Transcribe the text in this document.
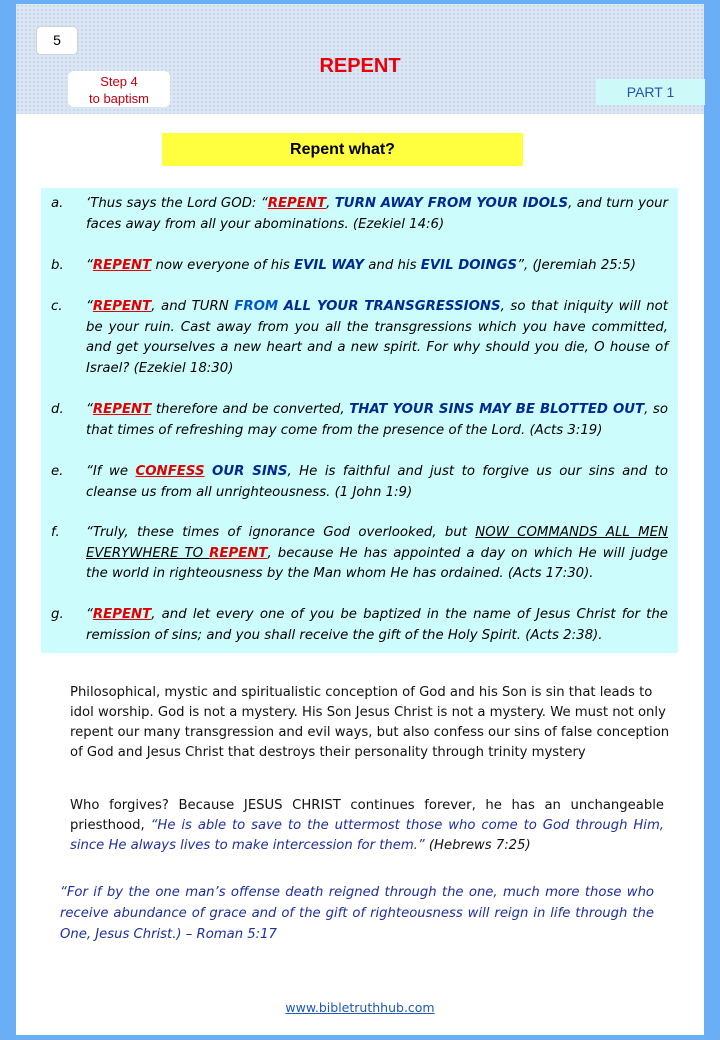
5
Step 4
to baptism	PART 1
REPENT
Repent what?
a. ‘Thus says the Lord GOD: “REPENT, TURN AWAY FROM YOUR IDOLS, and turn your faces away from all your abominations. (Ezekiel 14:6)
b. “REPENT now everyone of his EVIL WAY and his EVIL DOINGS”, (Jeremiah 25:5)
c. “REPENT, and TURN FROM ALL YOUR TRANSGRESSIONS, so that iniquity will not be your ruin. Cast away from you all the transgressions which you have committed, and get yourselves a new heart and a new spirit. For why should you die, O house of Israel? (Ezekiel 18:30)
d. “REPENT therefore and be converted, THAT YOUR SINS MAY BE BLOTTED OUT, so that times of refreshing may come from the presence of the Lord. (Acts 3:19)
e. “If we CONFESS OUR SINS, He is faithful and just to forgive us our sins and to cleanse us from all unrighteousness. (1 John 1:9)
f. “Truly, these times of ignorance God overlooked, but NOW COMMANDS ALL MEN EVERYWHERE TO REPENT, because He has appointed a day on which He will judge the world in righteousness by the Man whom He has ordained. (Acts 17:30).
g. “REPENT, and let every one of you be baptized in the name of Jesus Christ for the remission of sins; and you shall receive the gift of the Holy Spirit. (Acts 2:38).
Philosophical, mystic and spiritualistic conception of God and his Son is sin that leads to idol worship. God is not a mystery. His Son Jesus Christ is not a mystery. We must not only repent our many transgression and evil ways, but also confess our sins of false conception of God and Jesus Christ that destroys their personality through trinity mystery
Who forgives? Because JESUS CHRIST continues forever, he has an unchangeable priesthood, “He is able to save to the uttermost those who come to God through Him, since He always lives to make intercession for them.” (Hebrews 7:25)
“For if by the one man’s offense death reigned through the one, much more those who receive abundance of grace and of the gift of righteousness will reign in life through the One, Jesus Christ.) – Roman 5:17
www.bibletruthhub.com
